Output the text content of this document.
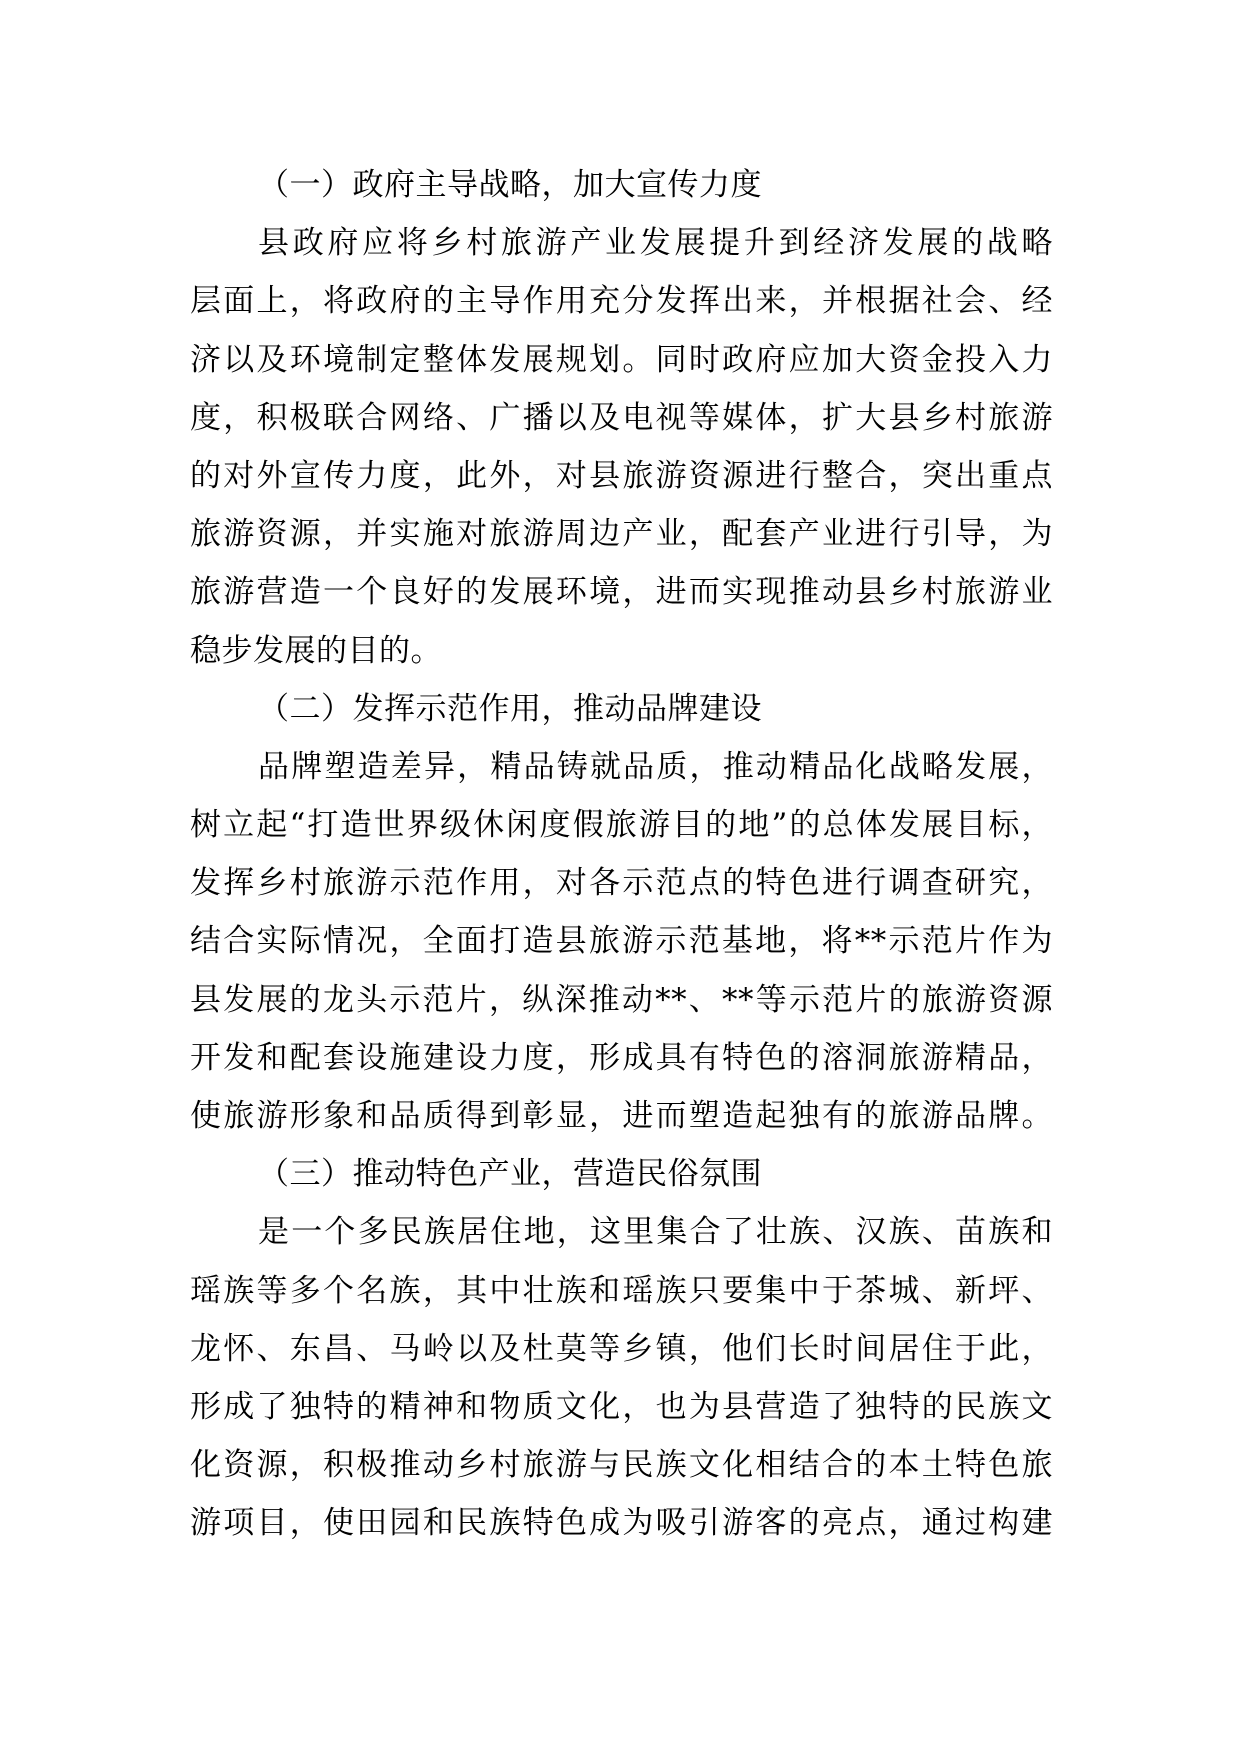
（一）政府主导战略，加大宣传力度
县政府应将乡村旅游产业发展提升到经济发展的战略
层面上，将政府的主导作用充分发挥出来，并根据社会、经
济以及环境制定整体发展规划。同时政府应加大资金投入力
度，积极联合网络、广播以及电视等媒体，扩大县乡村旅游
的对外宣传力度，此外，对县旅游资源进行整合，突出重点
旅游资源，并实施对旅游周边产业，配套产业进行引导，为
旅游营造一个良好的发展环境，进而实现推动县乡村旅游业
稳步发展的目的。
（二）发挥示范作用，推动品牌建设
品牌塑造差异，精品铸就品质，推动精品化战略发展，
树立起“打造世界级休闲度假旅游目的地”的总体发展目标，
发挥乡村旅游示范作用，对各示范点的特色进行调查研究，
结合实际情况，全面打造县旅游示范基地，将**示范片作为
县发展的龙头示范片，纵深推动**、**等示范片的旅游资源
开发和配套设施建设力度，形成具有特色的溶洞旅游精品，
使旅游形象和品质得到彰显，进而塑造起独有的旅游品牌。
（三）推动特色产业，营造民俗氛围
是一个多民族居住地，这里集合了壮族、汉族、苗族和
瑶族等多个名族，其中壮族和瑶族只要集中于茶城、新坪、
龙怀、东昌、马岭以及杜莫等乡镇，他们长时间居住于此，
形成了独特的精神和物质文化，也为县营造了独特的民族文
化资源，积极推动乡村旅游与民族文化相结合的本土特色旅
游项目，使田园和民族特色成为吸引游客的亮点，通过构建
